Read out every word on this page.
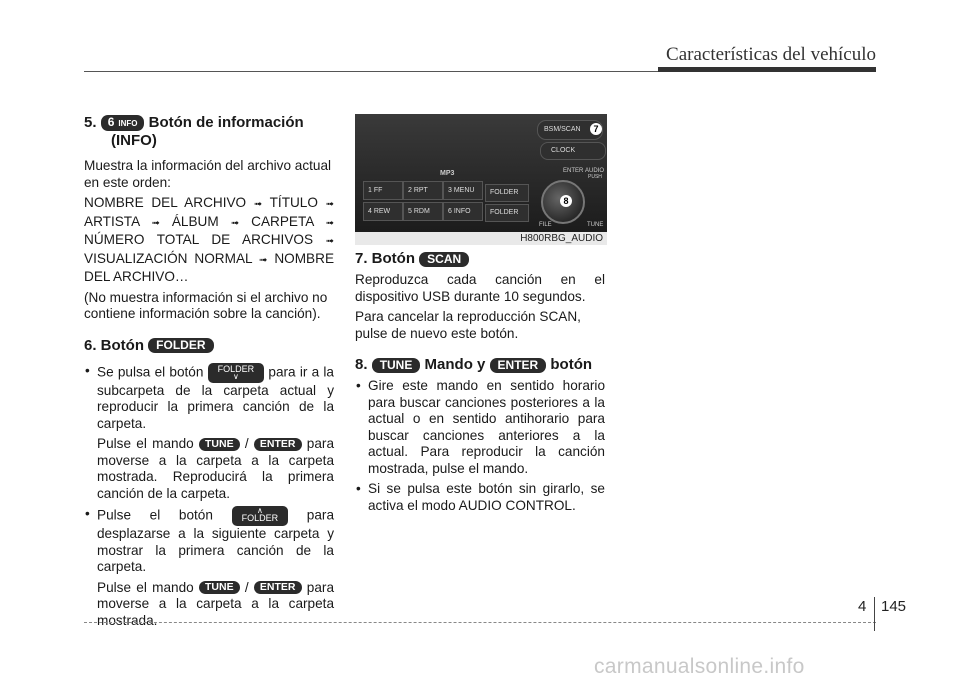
Características del vehículo
5. 6 INFO Botón de información
(INFO)

Muestra la información del archivo actual en este orden:

NOMBRE DEL ARCHIVO ➟ TÍTULO ➟ ARTISTA ➟ ÁLBUM ➟ CARPETA ➟ NÚMERO TOTAL DE ARCHIVOS ➟ VISUALIZACIÓN NORMAL ➟ NOMBRE DEL ARCHIVO…

(No muestra información si el archivo no contiene información sobre la canción).

6. Botón FOLDER
• Se pulsa el botón FOLDER
∨	para ir a la subcarpeta de la carpeta actual y reproducir la primera canción de la carpeta.
Pulse el mando TUNE / ENTER para moverse a la carpeta a la carpeta mostrada. Reproducirá la primera canción de la carpeta.
• Pulse el botón	∧
FOLDER para desplazarse a la siguiente carpeta y mostrar la primera canción de la carpeta.
Pulse el mando TUNE / ENTER para moverse a la carpeta a la carpeta mostrada.
BSM/SCAN	7
CLOCK
MP3	ENTER AUDIO
PUSH
1 FF	2 RPT	3 MENU
4 REW	5 RDM	6 INFO
FOLDER
FOLDER
8
FILE	TUNE
H800RBG_AUDIO
7. Botón SCAN

Reproduzca cada canción en el dispositivo USB durante 10 segundos.

Para cancelar la reproducción SCAN, pulse de nuevo este botón.

8. TUNE Mando y ENTER botón
• Gire este mando en sentido horario para buscar canciones posteriores a la actual o en sentido antihorario para buscar canciones anteriores a la actual. Para reproducir la canción mostrada, pulse el mando.
• Si se pulsa este botón sin girarlo, se activa el modo AUDIO CONTROL.
4 145
carmanualsonline.info
